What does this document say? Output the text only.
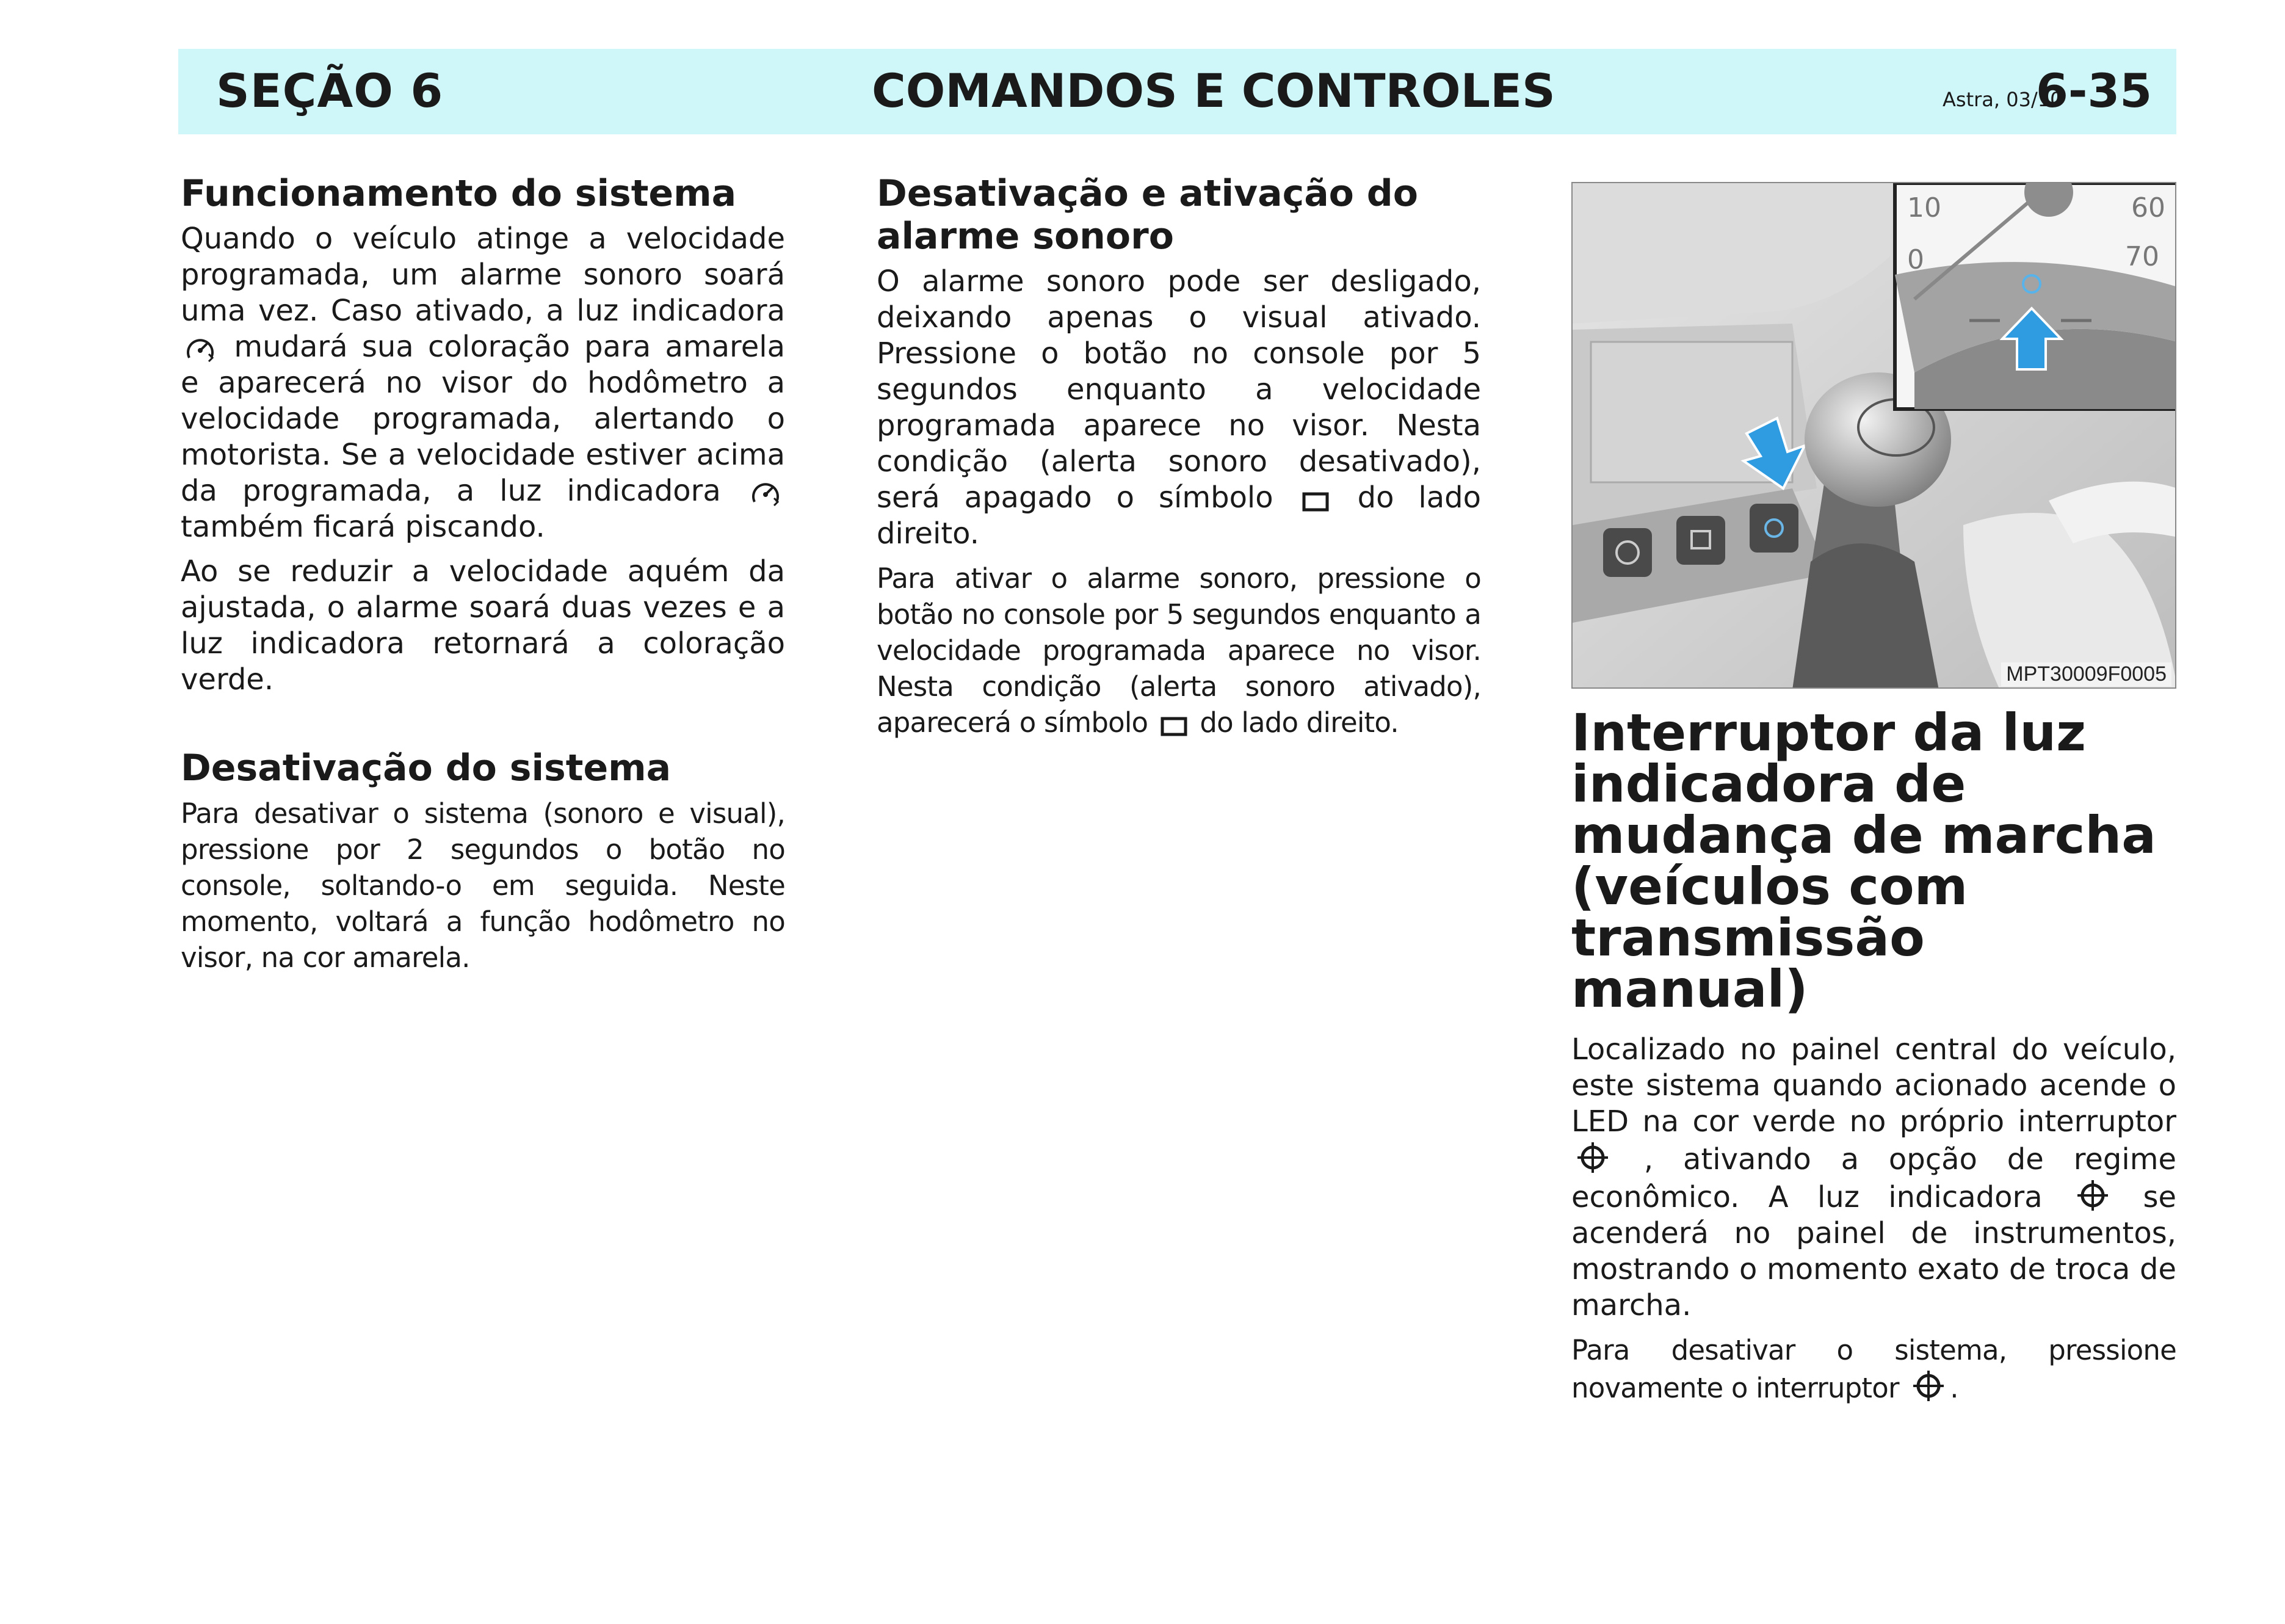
SEÇÃO 6	COMANDOS E CONTROLES	Astra, 03/10
6-35
Funcionamento do sistema

Quando o veículo atinge a velocidade programada, um alarme sonoro soará uma vez. Caso ativado, a luz indicadora  mudará sua coloração para amarela e aparecerá no visor do hodômetro a velocidade programada, alertando o motorista. Se a velocidade estiver acima da programada, a luz indicadora  também ficará piscando.

Ao se reduzir a velocidade aquém da ajustada, o alarme soará duas vezes e a luz indicadora retornará a coloração verde.

Desativação do sistema

Para desativar o sistema (sonoro e visual), pressione por 2 segundos o botão no console, soltando-o em seguida. Neste momento, voltará a função hodômetro no visor, na cor amarela.

Desativação e ativação do alarme sonoro

O alarme sonoro pode ser desligado, deixando apenas o visual ativado. Pressione o botão no console por 5 segundos enquanto a velocidade programada aparece no visor. Nesta condição (alerta sonoro desativado), será apagado o símbolo	do lado direito.

Para ativar o alarme sonoro, pressione o botão no console por 5 segundos enquanto a velocidade programada aparece no visor. Nesta condição (alerta sonoro ativado), aparecerá o símbolo do lado direito.

10	60
0	70
MPT30009F0005
Interruptor da luz indicadora de mudança de marcha (veículos com transmissão manual)

Localizado no painel central do veículo, este sistema quando acionado acende o LED na cor verde no próprio interruptor  , ativando a opção de regime econômico. A luz indicadora	se acenderá no painel de instrumentos, mostrando o momento exato de troca de marcha.

Para desativar o sistema, pressione novamente o interruptor .
